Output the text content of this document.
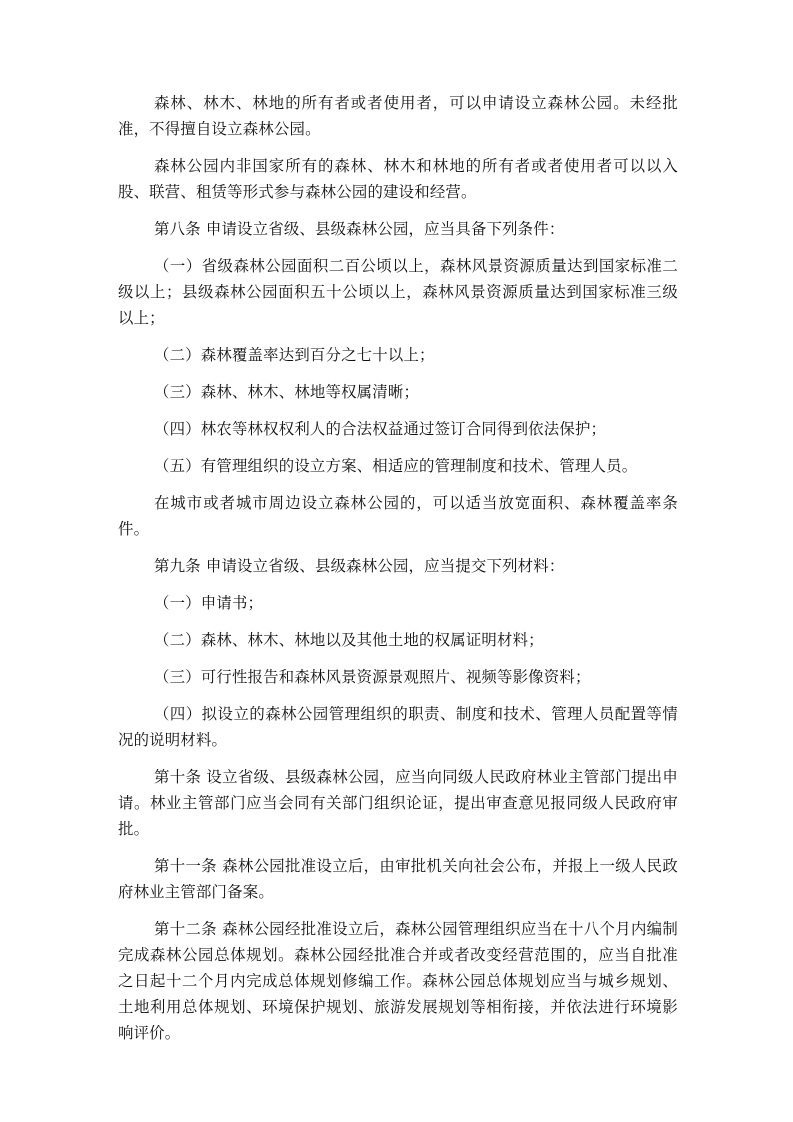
森林、林木、林地的所有者或者使用者，可以申请设立森林公园。未经批准，不得擅自设立森林公园。

森林公园内非国家所有的森林、林木和林地的所有者或者使用者可以以入股、联营、租赁等形式参与森林公园的建设和经营。

第八条 申请设立省级、县级森林公园，应当具备下列条件：

（一）省级森林公园面积二百公顷以上，森林风景资源质量达到国家标准二级以上；县级森林公园面积五十公顷以上，森林风景资源质量达到国家标准三级以上；

（二）森林覆盖率达到百分之七十以上；

（三）森林、林木、林地等权属清晰；

（四）林农等林权权利人的合法权益通过签订合同得到依法保护；

（五）有管理组织的设立方案、相适应的管理制度和技术、管理人员。

在城市或者城市周边设立森林公园的，可以适当放宽面积、森林覆盖率条件。

第九条 申请设立省级、县级森林公园，应当提交下列材料：

（一）申请书；

（二）森林、林木、林地以及其他土地的权属证明材料；

（三）可行性报告和森林风景资源景观照片、视频等影像资料；

（四）拟设立的森林公园管理组织的职责、制度和技术、管理人员配置等情况的说明材料。

第十条 设立省级、县级森林公园，应当向同级人民政府林业主管部门提出申请。林业主管部门应当会同有关部门组织论证，提出审查意见报同级人民政府审批。

第十一条 森林公园批准设立后，由审批机关向社会公布，并报上一级人民政府林业主管部门备案。

第十二条 森林公园经批准设立后，森林公园管理组织应当在十八个月内编制完成森林公园总体规划。森林公园经批准合并或者改变经营范围的，应当自批准之日起十二个月内完成总体规划修编工作。森林公园总体规划应当与城乡规划、土地利用总体规划、环境保护规划、旅游发展规划等相衔接，并依法进行环境影响评价。
